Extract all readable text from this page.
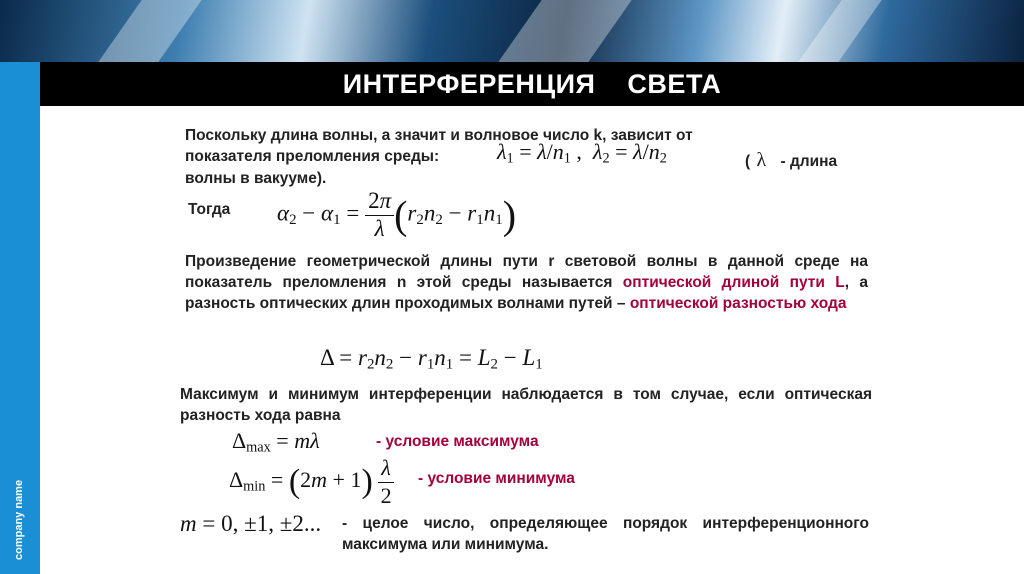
company name
ИНТЕРФЕРЕНЦИЯ    СВЕТА
Поскольку длина волны, а значит и волновое число k, зависит от
показателя преломления среды:	$\lambda_1 = \lambda/n_1$ ,  $\lambda_2 = \lambda/n_2$	( λ - длина
волны в вакууме).
Тогда $\alpha_2 - \alpha_1 = \frac{2\pi}{\lambda} (r_2n_2 - r_1n_1)$
Произведение геометрической длины пути r световой волны в данной среде на показатель преломления n этой среды называется оптической длиной пути L, а разность оптических длин проходимых волнами путей – оптической разностью хода
$\Delta = r_2n_2 - r_1n_1 = L_2 - L_1$
Максимум и минимум интерференции наблюдается в том случае, если оптическая разность хода равна
$\Delta_{max} = m\lambda$	- условие максимума
$\Delta_{min} = (2m + 1) \frac{\lambda}{2}$ - условие минимума
m = 0, ±1, ±2... - целое число, определяющее порядок интерференционного максимума или минимума.
